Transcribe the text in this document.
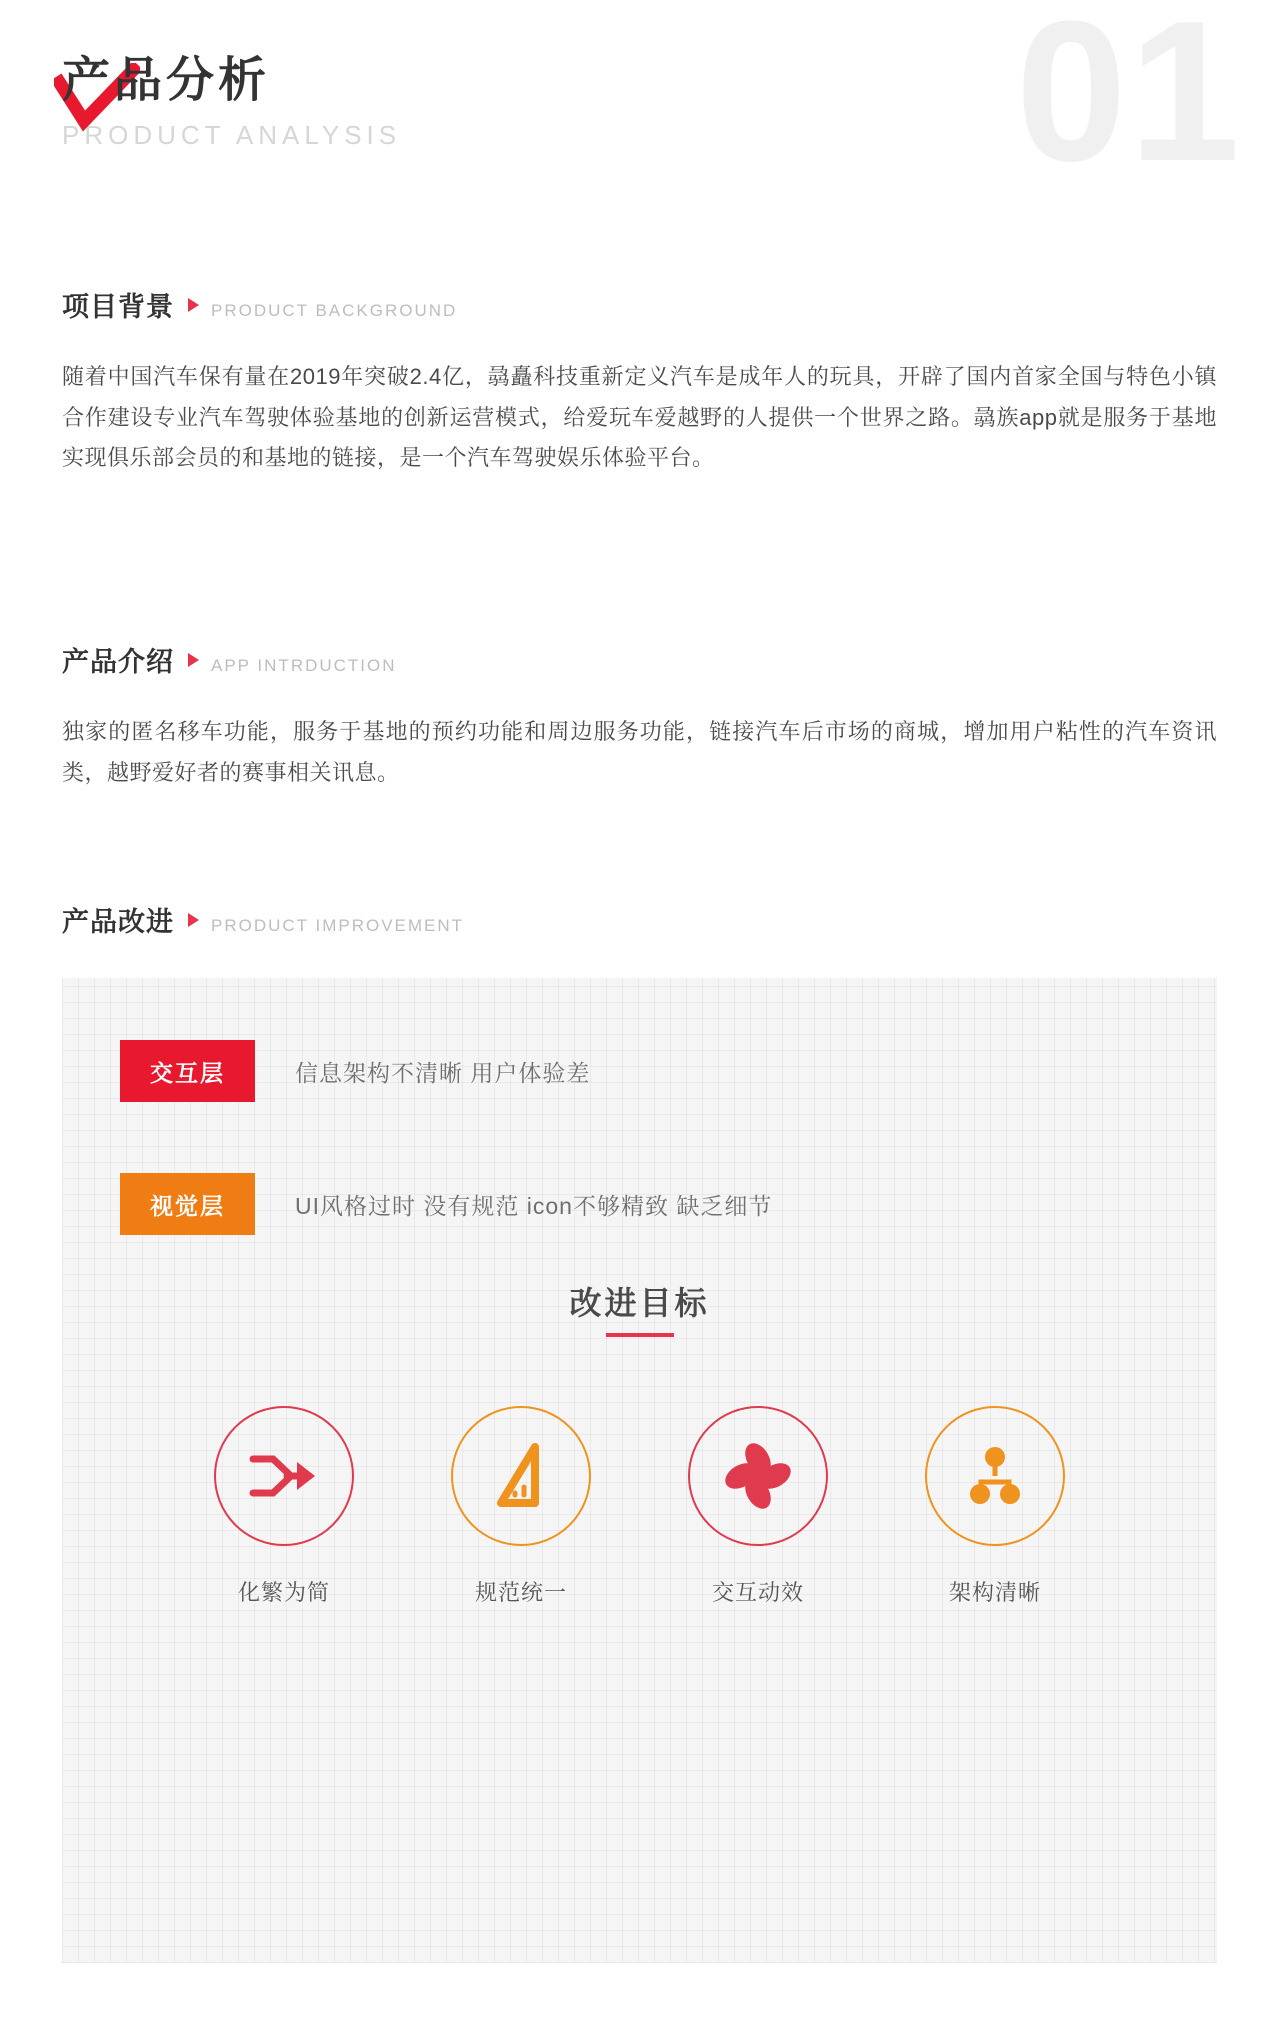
01
产品分析
PRODUCT ANALYSIS
项目背景 PRODUCT BACKGROUND
随着中国汽车保有量在2019年突破2.4亿，骉矗科技重新定义汽车是成年人的玩具，开辟了国内首家全国与特色小镇合作建设专业汽车驾驶体验基地的创新运营模式，给爱玩车爱越野的人提供一个世界之路。骉族app就是服务于基地实现俱乐部会员的和基地的链接，是一个汽车驾驶娱乐体验平台。
产品介绍 APP INTRDUCTION
独家的匿名移车功能，服务于基地的预约功能和周边服务功能，链接汽车后市场的商城，增加用户粘性的汽车资讯类，越野爱好者的赛事相关讯息。
产品改进 PRODUCT IMPROVEMENT
交互层	信息架构不清晰 用户体验差
视觉层	UI风格过时 没有规范 icon不够精致 缺乏细节
改进目标
化繁为简	规范统一	交互动效	架构清晰
